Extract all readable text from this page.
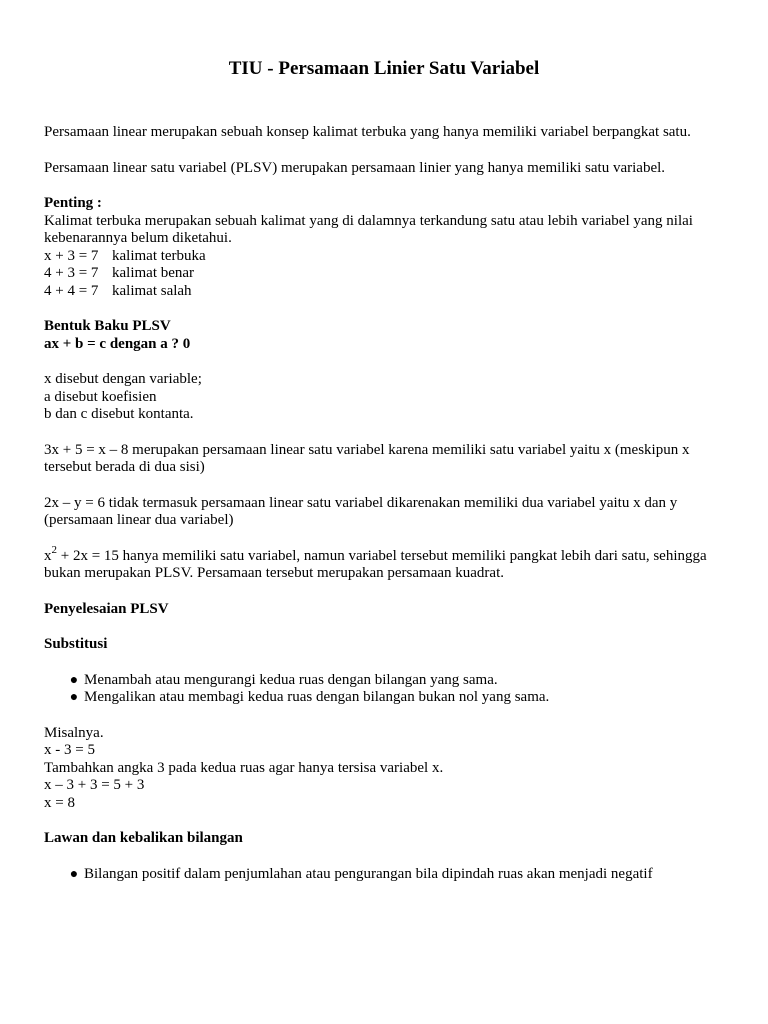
TIU - Persamaan Linier Satu Variabel

Persamaan linear merupakan sebuah konsep kalimat terbuka yang hanya memiliki variabel berpangkat satu.

Persamaan linear satu variabel (PLSV) merupakan persamaan linier yang hanya memiliki satu variabel.

Penting :

Kalimat terbuka merupakan sebuah kalimat yang di dalamnya terkandung satu atau lebih variabel yang nilai kebenarannya belum diketahui.

x + 3 = 7 kalimat terbuka
4 + 3 = 7 kalimat benar
4 + 4 = 7 kalimat salah
Bentuk Baku PLSV
ax + b = c dengan a ? 0
x disebut dengan variable;
a disebut koefisien
b dan c disebut kontanta.

3x + 5 = x – 8 merupakan persamaan linear satu variabel karena memiliki satu variabel yaitu x (meskipun x tersebut berada di dua sisi)

2x – y = 6 tidak termasuk persamaan linear satu variabel dikarenakan memiliki dua variabel yaitu x dan y (persamaan linear dua variabel)

$x^2 + 2x = 15$ hanya memiliki satu variabel, namun variabel tersebut memiliki pangkat lebih dari satu, sehingga bukan merupakan PLSV. Persamaan tersebut merupakan persamaan kuadrat.

Penyelesaian PLSV
Substitusi
● Menambah atau mengurangi kedua ruas dengan bilangan yang sama.
● Mengalikan atau membagi kedua ruas dengan bilangan bukan nol yang sama.
Misalnya.
x - 3 = 5
Tambahkan angka 3 pada kedua ruas agar hanya tersisa variabel x.
x – 3 + 3 = 5 + 3
x = 8
Lawan dan kebalikan bilangan
● Bilangan positif dalam penjumlahan atau pengurangan bila dipindah ruas akan menjadi negatif
